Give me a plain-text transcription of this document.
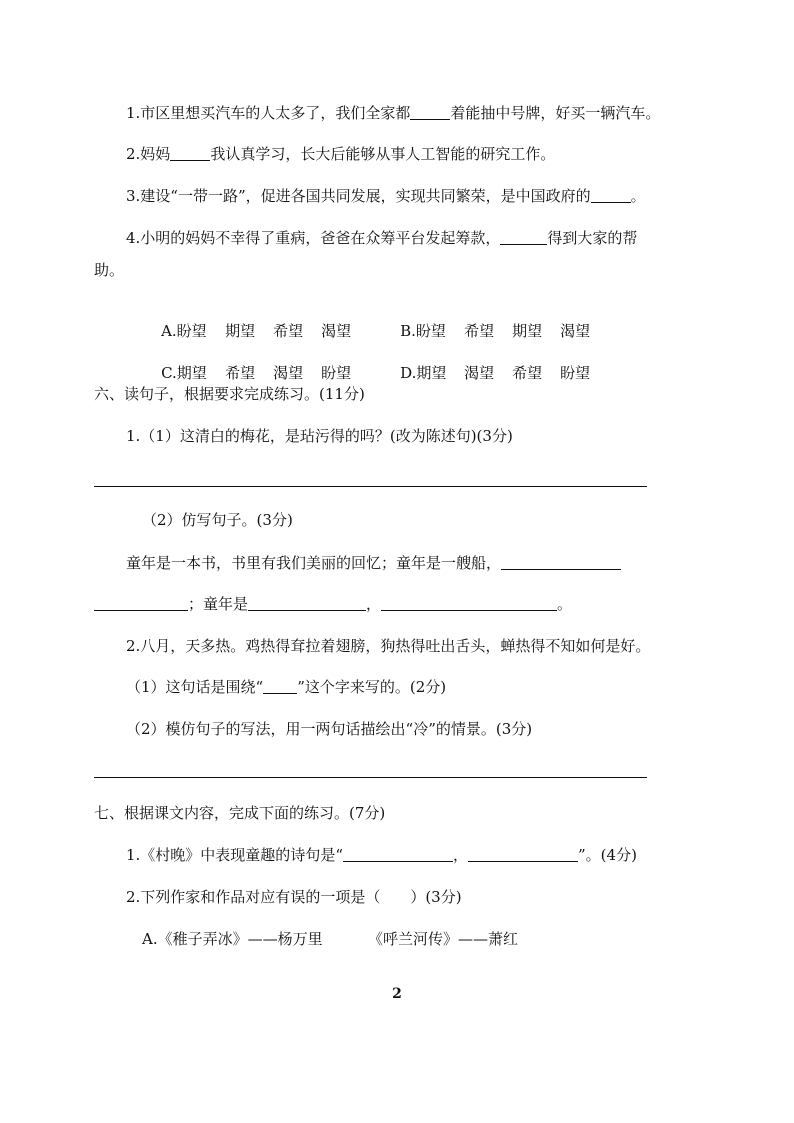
1.市区里想买汽车的人太多了，我们全家都	着能抽中号牌，好买一辆汽车。
2.妈妈	我认真学习，长大后能够从事人工智能的研究工作。
3.建设“一带一路”，促进各国共同发展，实现共同繁荣，是中国政府的	。
4.小明的妈妈不幸得了重病，爸爸在众筹平台发起筹款，	得到大家的帮
助。

A.盼望 期望 希望 渴望
	B.盼望 希望 期望 渴望

C.期望 希望 渴望 盼望
	D.期望 渴望 希望 盼望

六、读句子，根据要求完成练习。(11分)
1.（1）这清白的梅花，是玷污得的吗？(改为陈述句)(3分)
（2）仿写句子。(3分)
童年是一本书，书里有我们美丽的回忆；童年是一艘船，
；童年是	，	。
2.八月，天多热。鸡热得耷拉着翅膀，狗热得吐出舌头，蝉热得不知如何是好。
（1）这句话是围绕“ ”这个字来写的。(2分)
（2）模仿句子的写法，用一两句话描绘出“冷”的情景。(3分)
七、根据课文内容，完成下面的练习。(7分)
1.《村晚》中表现童趣的诗句是“	，	”。(4分)
2.下列作家和作品对应有误的一项是（　　）(3分)
A.《稚子弄冰》——杨万里	《呼兰河传》——萧红
2
